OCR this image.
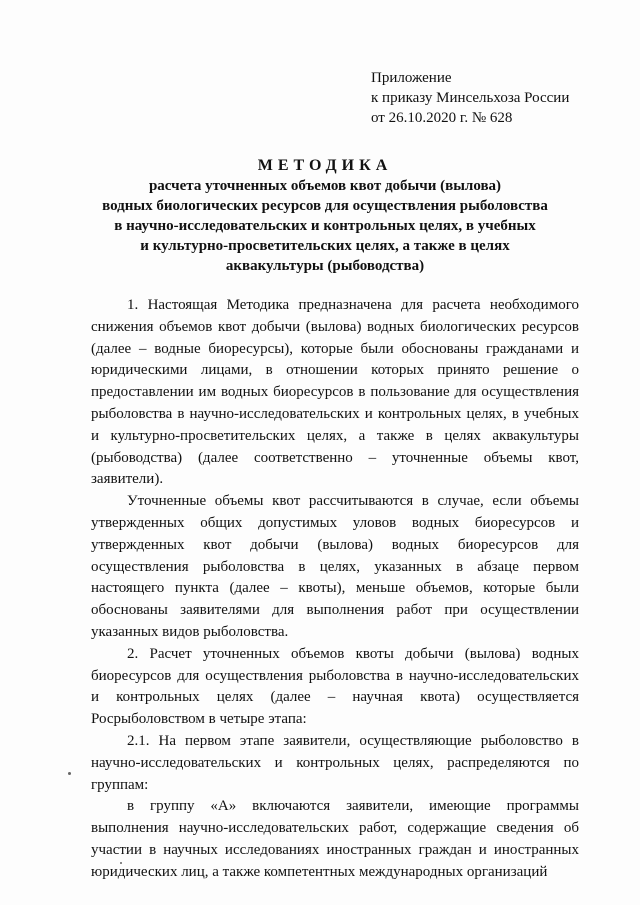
Приложение
к приказу Минсельхоза России
от 26.10.2020 г. № 628
МЕТОДИКА
расчета уточненных объемов квот добычи (вылова)
водных биологических ресурсов для осуществления рыболовства
в научно-исследовательских и контрольных целях, в учебных
и культурно-просветительских целях, а также в целях
аквакультуры (рыбоводства)

1. Настоящая Методика предназначена для расчета необходимого снижения объемов квот добычи (вылова) водных биологических ресурсов (далее – водные биоресурсы), которые были обоснованы гражданами и юридическими лицами, в отношении которых принято решение о предоставлении им водных биоресурсов в пользование для осуществления рыболовства в научно-исследовательских и контрольных целях, в учебных и культурно-просветительских целях, а также в целях аквакультуры (рыбоводства) (далее соответственно – уточненные объемы квот, заявители).

Уточненные объемы квот рассчитываются в случае, если объемы утвержденных общих допустимых уловов водных биоресурсов и утвержденных квот добычи (вылова) водных биоресурсов для осуществления рыболовства в целях, указанных в абзаце первом настоящего пункта (далее – квоты), меньше объемов, которые были обоснованы заявителями для выполнения работ при осуществлении указанных видов рыболовства.

2. Расчет уточненных объемов квоты добычи (вылова) водных биоресурсов для осуществления рыболовства в научно-исследовательских и контрольных целях (далее – научная квота) осуществляется Росрыболовством в четыре этапа:

2.1. На первом этапе заявители, осуществляющие рыболовство в научно-исследовательских и контрольных целях, распределяются по группам:

в группу «А» включаются заявители, имеющие программы выполнения научно-исследовательских работ, содержащие сведения об участии в научных исследованиях иностранных граждан и иностранных юридических лиц, а также компетентных международных организаций
